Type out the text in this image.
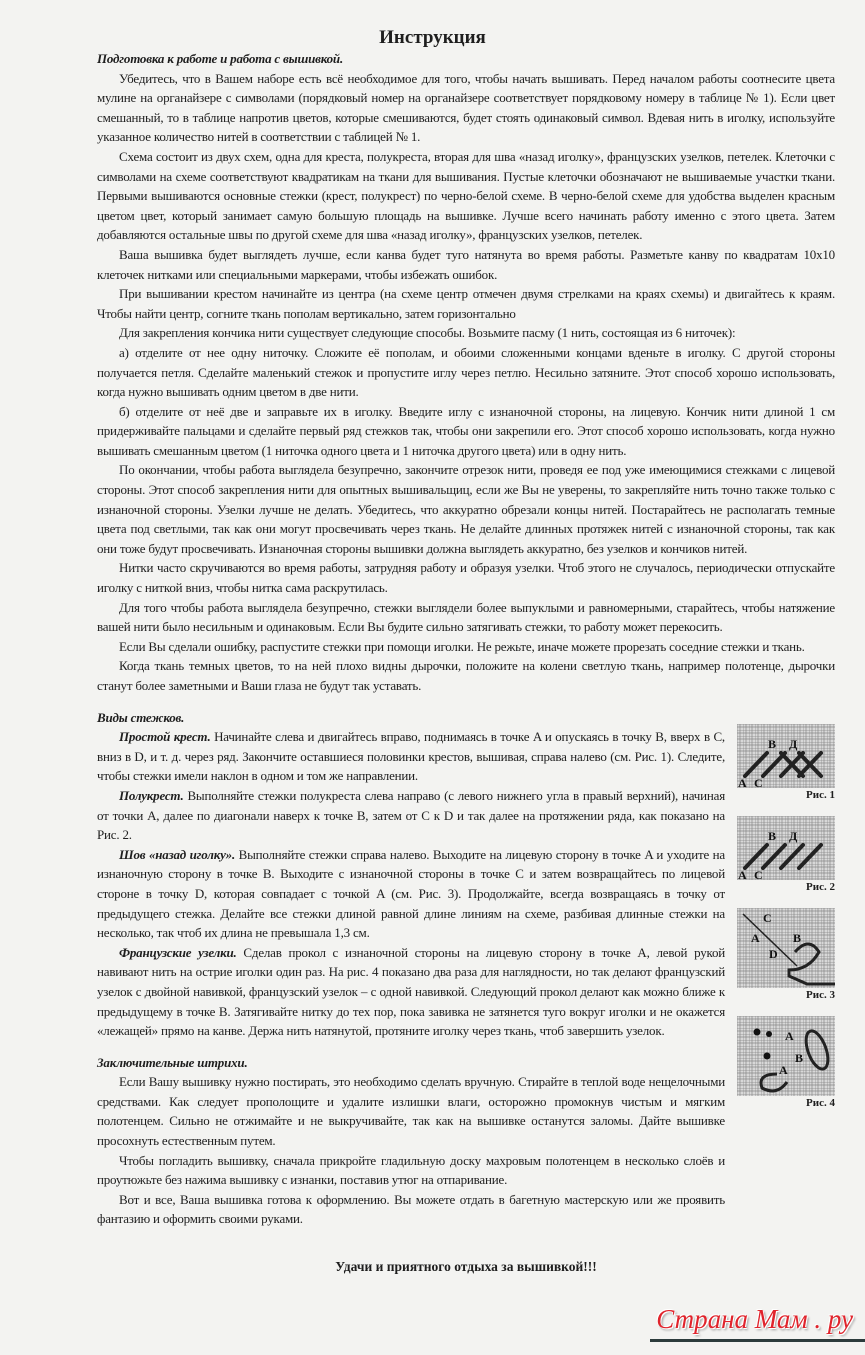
Инструкция

Подготовка к работе и работа с вышивкой.

Убедитесь, что в Вашем наборе есть всё необходимое для того, чтобы начать вышивать. Перед началом работы соотнесите цвета мулине на органайзере с символами (порядковый номер на органайзере соответствует порядковому номеру в таблице № 1). Если цвет смешанный, то в таблице напротив цветов, которые смешиваются, будет стоять одинаковый символ. Вдевая нить в иголку, используйте указанное количество нитей в соответствии с таблицей № 1.

Схема состоит из двух схем, одна для креста, полукреста, вторая для шва «назад иголку», французских узелков, петелек. Клеточки с символами на схеме соответствуют квадратикам на ткани для вышивания. Пустые клеточки обозначают не вышиваемые участки ткани. Первыми вышиваются основные стежки (крест, полукрест) по черно-белой схеме. В черно-белой схеме для удобства выделен красным цветом цвет, который занимает самую большую площадь на вышивке. Лучше всего начинать работу именно с этого цвета. Затем добавляются остальные швы по другой схеме для шва «назад иголку», французских узелков, петелек.

Ваша вышивка будет выглядеть лучше, если канва будет туго натянута во время работы. Разметьте канву по квадратам 10x10 клеточек нитками или специальными маркерами, чтобы избежать ошибок.

При вышивании крестом начинайте из центра (на схеме центр отмечен двумя стрелками на краях схемы) и двигайтесь к краям. Чтобы найти центр, согните ткань пополам вертикально, затем горизонтально

Для закрепления кончика нити существует следующие способы. Возьмите пасму (1 нить, состоящая из 6 ниточек):

а) отделите от нее одну ниточку. Сложите её пополам, и обоими сложенными концами вденьте в иголку. С другой стороны получается петля. Сделайте маленький стежок и пропустите иглу через петлю. Несильно затяните. Этот способ хорошо использовать, когда нужно вышивать одним цветом в две нити.

б) отделите от неё две и заправьте их в иголку. Введите иглу с изнаночной стороны, на лицевую. Кончик нити длиной 1 см придерживайте пальцами и сделайте первый ряд стежков так, чтобы они закрепили его. Этот способ хорошо использовать, когда нужно вышивать смешанным цветом (1 ниточка одного цвета и 1 ниточка другого цвета) или в одну нить.

По окончании, чтобы работа выглядела безупречно, закончите отрезок нити, проведя ее под уже имеющимися стежками с лицевой стороны. Этот способ закрепления нити для опытных вышивальщиц, если же Вы не уверены, то закрепляйте нить точно также только с изнаночной стороны. Узелки лучше не делать. Убедитесь, что аккуратно обрезали концы нитей. Постарайтесь не располагать темные цвета под светлыми, так как они могут просвечивать через ткань. Не делайте длинных протяжек нитей с изнаночной стороны, так как они тоже будут просвечивать. Изнаночная стороны вышивки должна выглядеть аккуратно, без узелков и кончиков нитей.

Нитки часто скручиваются во время работы, затрудняя работу и образуя узелки. Чтоб этого не случалось, периодически отпускайте иголку с ниткой вниз, чтобы нитка сама раскрутилась.

Для того чтобы работа выглядела безупречно, стежки выглядели более выпуклыми и равномерными, старайтесь, чтобы натяжение вашей нити было несильным и одинаковым. Если Вы будите сильно затягивать стежки, то работу может перекосить.

Если Вы сделали ошибку, распустите стежки при помощи иголки. Не режьте, иначе можете прорезать соседние стежки и ткань.

Когда ткань темных цветов, то на ней плохо видны дырочки, положите на колени светлую ткань, например полотенце, дырочки станут более заметными и Ваши глаза не будут так уставать.

Виды стежков.

Простой крест. Начинайте слева и двигайтесь вправо, поднимаясь в точке A и опускаясь в точку B, вверх в C, вниз в D, и т. д. через ряд. Закончите оставшиеся половинки крестов, вышивая, справа налево (см. Рис. 1). Следите, чтобы стежки имели наклон в одном и том же направлении.

Полукрест. Выполняйте стежки полукреста слева направо (с левого нижнего угла в правый верхний), начиная от точки A, далее по диагонали наверх к точке B, затем от C к D и так далее на протяжении ряда, как показано на Рис. 2.

Шов «назад иголку». Выполняйте стежки справа налево. Выходите на лицевую сторону в точке A и уходите на изнаночную сторону в точке B. Выходите с изнаночной стороны в точке C и затем возвращайтесь по лицевой стороне в точку D, которая совпадает с точкой A (см. Рис. 3). Продолжайте, всегда возвращаясь в точку от предыдущего стежка. Делайте все стежки длиной равной длине линиям на схеме, разбивая длинные стежки на несколько, так чтоб их длина не превышала 1,3 см.

Французские узелки. Сделав прокол с изнаночной стороны на лицевую сторону в точке A, левой рукой навивают нить на острие иголки один раз. На рис. 4 показано два раза для наглядности, но так делают французский узелок с двойной навивкой, французский узелок – с одной навивкой. Следующий прокол делают как можно ближе к предыдущему в точке B. Затягивайте нитку до тех пор, пока завивка не затянется туго вокруг иголки и не окажется «лежащей» прямо на канве. Держа нить натянутой, протяните иголку через ткань, чтоб завершить узелок.

Заключительные штрихи.

Если Вашу вышивку нужно постирать, это необходимо сделать вручную. Стирайте в теплой воде нещелочными средствами. Как следует прополощите и удалите излишки влаги, осторожно промокнув чистым и мягким полотенцем. Сильно не отжимайте и не выкручивайте, так как на вышивке останутся заломы. Дайте вышивке просохнуть естественным путем.

Чтобы погладить вышивку, сначала прикройте гладильную доску махровым полотенцем в несколько слоёв и проутюжьте без нажима вышивку с изнанки, поставив утюг на отпаривание.

Вот и все, Ваша вышивка готова к оформлению. Вы можете отдать в багетную мастерскую или же проявить фантазию и оформить своими руками.

A C
B Д
Рис. 1
A C
B Д
Рис. 2
C
A
D
B
Рис. 3
A
B
A
Рис. 4
Удачи и приятного отдыха за вышивкой!!!
Страна Мам . ру
